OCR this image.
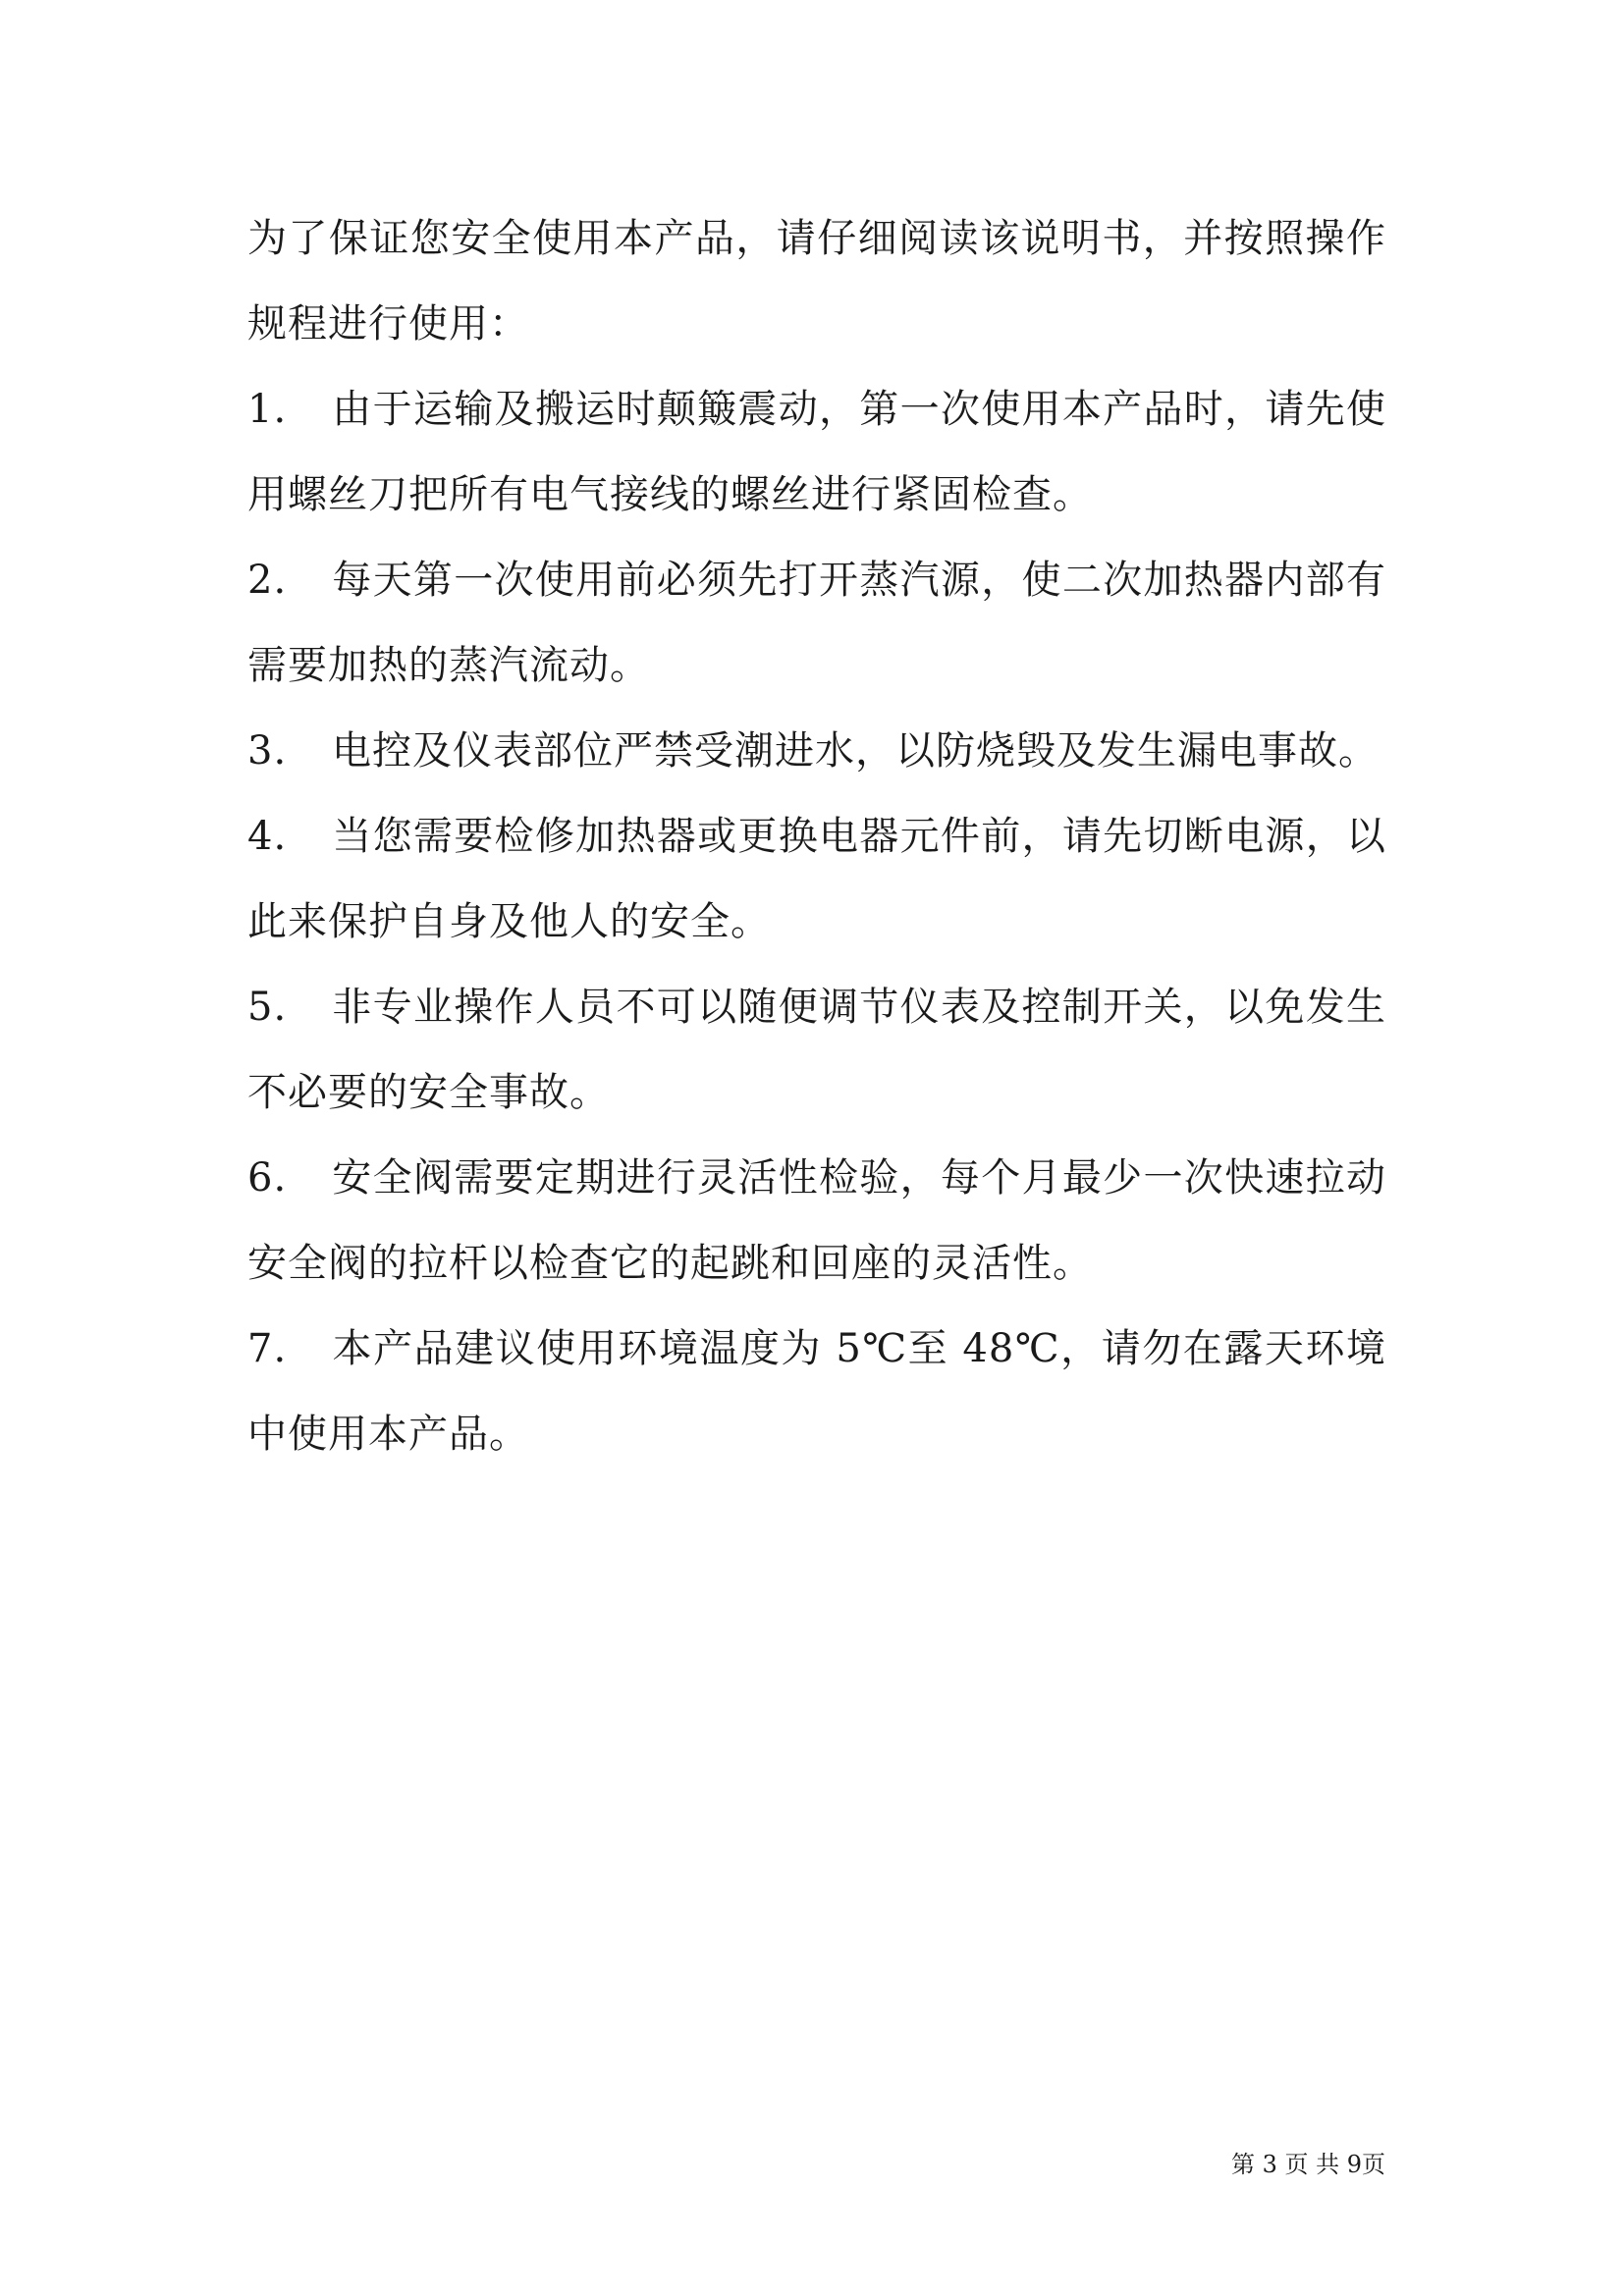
为了保证您安全使用本产品，请仔细阅读该说明书，并按照操作规程进行使用：

1. 由于运输及搬运时颠簸震动，第一次使用本产品时，请先使用螺丝刀把所有电气接线的螺丝进行紧固检查。

2. 每天第一次使用前必须先打开蒸汽源，使二次加热器内部有需要加热的蒸汽流动。

3. 电控及仪表部位严禁受潮进水，以防烧毁及发生漏电事故。

4. 当您需要检修加热器或更换电器元件前，请先切断电源，以此来保护自身及他人的安全。

5. 非专业操作人员不可以随便调节仪表及控制开关，以免发生不必要的安全事故。

6. 安全阀需要定期进行灵活性检验，每个月最少一次快速拉动安全阀的拉杆以检查它的起跳和回座的灵活性。

7. 本产品建议使用环境温度为 5℃至 48℃，请勿在露天环境中使用本产品。

第 3 页 共 9页
